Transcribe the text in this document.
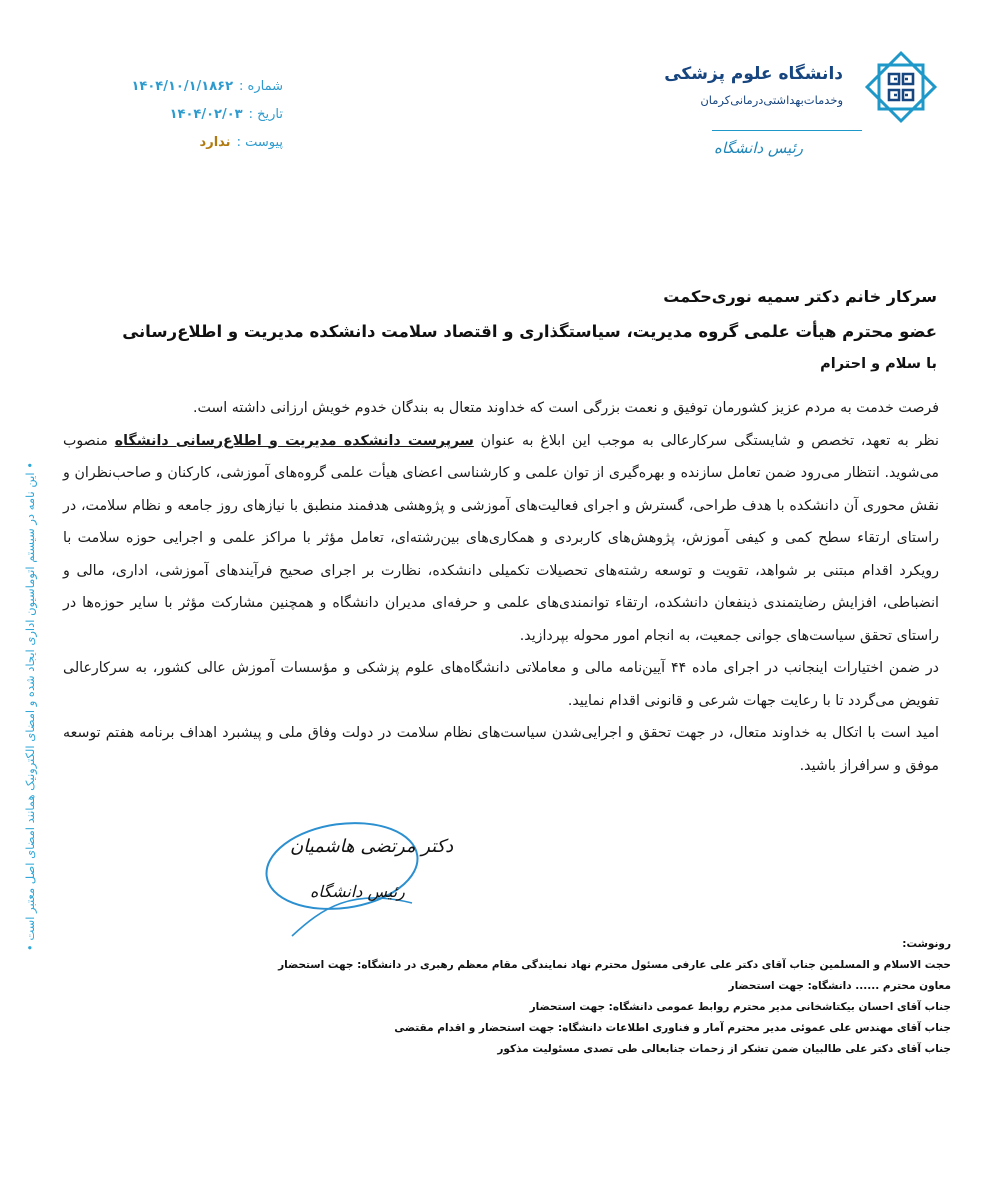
دانشگاه علوم پزشکی
وخدمات‌بهداشتی‌درمانی‌کرمان
رئیس دانشگاه
شماره :
۱۴۰۴/۱۰/۱/۱۸۶۲
تاریخ :
۱۴۰۴/۰۲/۰۳
پیوست :
ندارد
سرکار خانم دکتر سمیه نوری‌حکمت
عضو محترم هیأت علمی گروه مدیریت، سیاستگذاری و اقتصاد سلامت دانشکده مدیریت و اطلاع‌رسانی
با سلام و احترام

فرصت خدمت به مردم عزیز کشورمان توفیق و نعمت بزرگی است که خداوند متعال به بندگان خدوم خویش ارزانی داشته است.

نظر به تعهد، تخصص و شایستگی سرکارعالی به موجب این ابلاغ به عنوان سرپرست دانشکده مدیریت و اطلاع‌رسانی دانشگاه منصوب می‌شوید. انتظار می‌رود ضمن تعامل سازنده و بهره‌گیری از توان علمی و کارشناسی اعضای هیأت علمی گروه‌های آموزشی، کارکنان و صاحب‌نظران و نقش محوری آن دانشکده با هدف طراحی، گسترش و اجرای فعالیت‌های آموزشی و پژوهشی هدفمند منطبق با نیازهای روز جامعه و نظام سلامت، در راستای ارتقاء سطح کمی و کیفی آموزش، پژوهش‌های کاربردی و همکاری‌های بین‌رشته‌ای، تعامل مؤثر با مراکز علمی و اجرایی حوزه سلامت با رویکرد اقدام مبتنی بر شواهد، تقویت و توسعه رشته‌های تحصیلات تکمیلی دانشکده، نظارت بر اجرای صحیح فرآیندهای آموزشی، اداری، مالی و انضباطی، افزایش رضایتمندی ذینفعان دانشکده، ارتقاء توانمندی‌های علمی و حرفه‌ای مدیران دانشگاه و همچنین مشارکت مؤثر با سایر حوزه‌ها در راستای تحقق سیاست‌های جوانی جمعیت، به انجام امور محوله بپردازید.

در ضمن اختیارات اینجانب در اجرای ماده ۴۴ آیین‌نامه مالی و معاملاتی دانشگاه‌های علوم پزشکی و مؤسسات آموزش عالی کشور، به سرکارعالی تفویض می‌گردد تا با رعایت جهات شرعی و قانونی اقدام نمایید.

امید است با اتکال به خداوند متعال، در جهت تحقق و اجرایی‌شدن سیاست‌های نظام سلامت در دولت وفاق ملی و پیشبرد اهداف برنامه هفتم توسعه موفق و سرافراز باشید.

دکتر مرتضی هاشمیان
رئیس دانشگاه
رونوشت:
حجت الاسلام و المسلمین جناب آقای دکتر علی عارفی مسئول محترم نهاد نمایندگی مقام معظم رهبری در دانشگاه: جهت استحضار
معاون محترم ...... دانشگاه: جهت استحضار
جناب آقای احسان بیکتاشخانی مدیر محترم روابط عمومی دانشگاه: جهت استحضار
جناب آقای مهندس علی عموئی مدیر محترم آمار و فناوری اطلاعات دانشگاه: جهت استحضار و اقدام مقتضی
جناب آقای دکتر علی طالبیان ضمن تشکر از زحمات جنابعالی طی تصدی مسئولیت مذکور
• این نامه در سیستم اتوماسیون اداری ایجاد شده و امضای الکترونیک همانند امضای اصل معتبر است •
